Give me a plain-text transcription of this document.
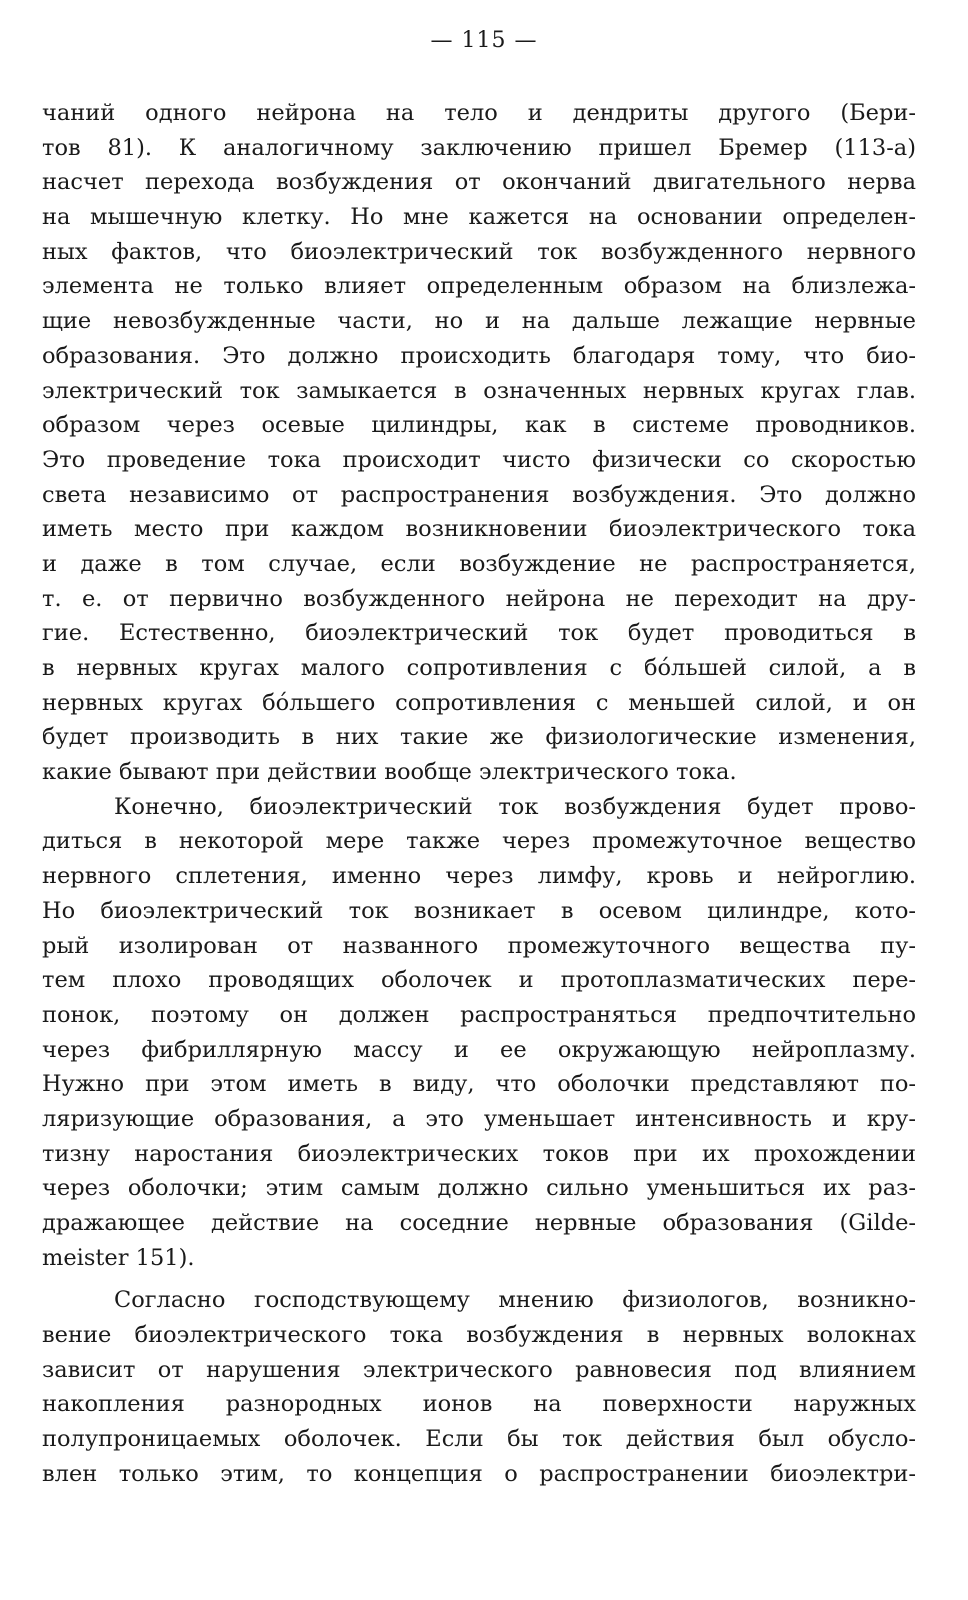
— 115 —
чаний одного нейрона на тело и дендриты другого (Бери-
тов 81). К аналогичному заключению пришел Бремер (113-а)
насчет перехода возбуждения от окончаний двигательного нерва
на мышечную клетку. Но мне кажется на основании определен-
ных фактов, что биоэлектрический ток возбужденного нервного
элемента не только влияет определенным образом на близлежа-
щие невозбужденные части, но и на дальше лежащие нервные
образования. Это должно происходить благодаря тому, что био-
электрический ток замыкается в означенных нервных кругах глав.
образом через осевые цилиндры, как в системе проводников.
Это проведение тока происходит чисто физически со скоростью
света независимо от распространения возбуждения. Это должно
иметь место при каждом возникновении биоэлектрического тока
и даже в том случае, если возбуждение не распространяется,
т. е. от первично возбужденного нейрона не переходит на дру-
гие. Естественно, биоэлектрический ток будет проводиться в
в нервных кругах малого сопротивления с бо́льшей силой, а в
нервных кругах бо́льшего сопротивления с меньшей силой, и он
будет производить в них такие же физиологические изменения,
какие бывают при действии вообще электрического тока.
Конечно, биоэлектрический ток возбуждения будет прово-
диться в некоторой мере также через промежуточное вещество
нервного сплетения, именно через лимфу, кровь и нейроглию.
Но биоэлектрический ток возникает в осевом цилиндре, кото-
рый изолирован от названного промежуточного вещества пу-
тем плохо проводящих оболочек и протоплазматических пере-
понок, поэтому он должен распространяться предпочтительно
через фибриллярную массу и ее окружающую нейроплазму.
Нужно при этом иметь в виду, что оболочки представляют по-
ляризующие образования, а это уменьшает интенсивность и кру-
тизну наростания биоэлектрических токов при их прохождении
через оболочки; этим самым должно сильно уменьшиться их раз-
дражающее действие на соседние нервные образования (Gilde-
meister 151).
Согласно господствующему мнению физиологов, возникно-
вение биоэлектрического тока возбуждения в нервных волокнах
зависит от нарушения электрического равновесия под влиянием
накопления разнородных ионов на поверхности наружных
полупроницаемых оболочек. Если бы ток действия был обусло-
влен только этим, то концепция о распространении биоэлектри-
